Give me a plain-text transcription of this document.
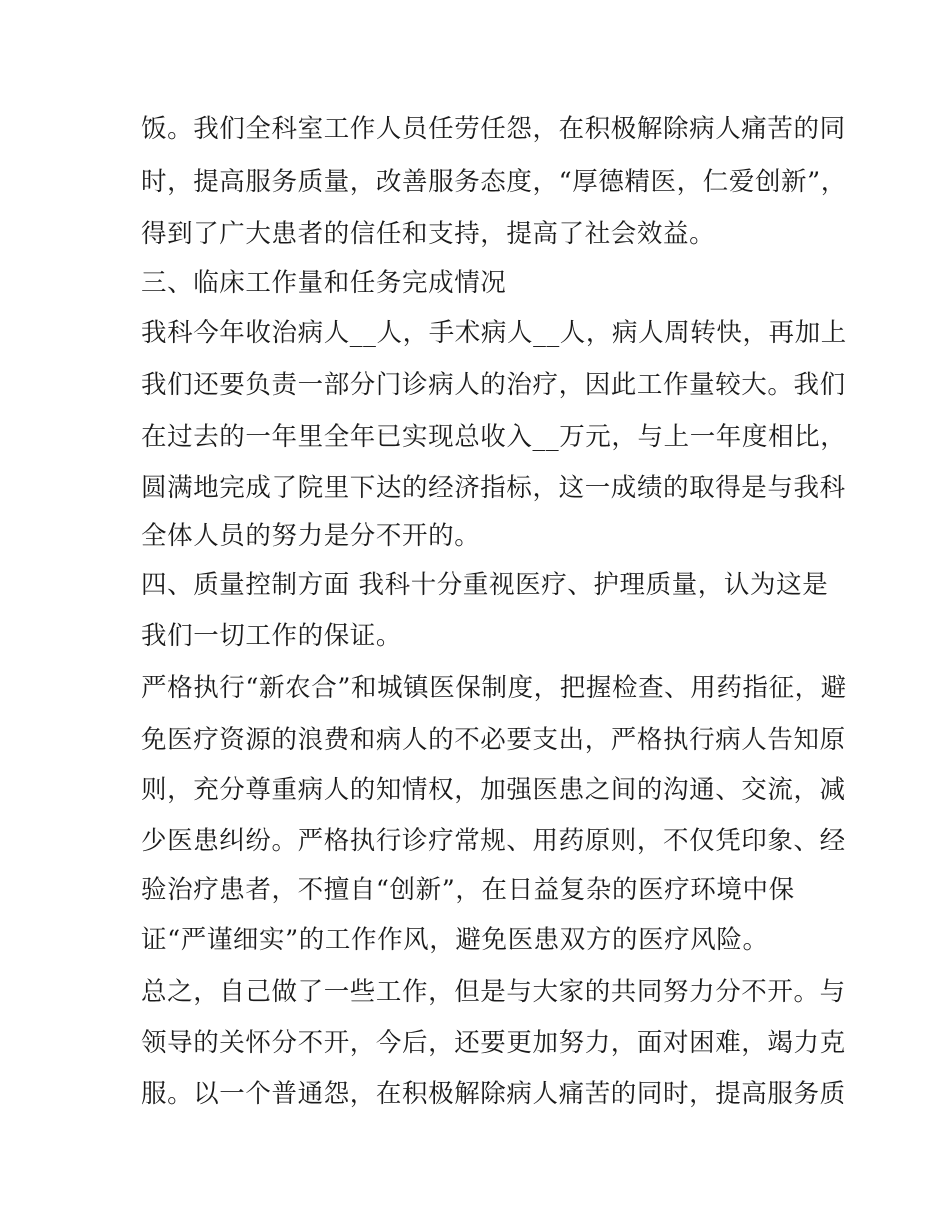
饭。我们全科室工作人员任劳任怨，在积极解除病人痛苦的同
时，提高服务质量，改善服务态度，“厚德精医，仁爱创新”，
得到了广大患者的信任和支持，提高了社会效益。
三、临床工作量和任务完成情况
我科今年收治病人__人，手术病人__人，病人周转快，再加上
我们还要负责一部分门诊病人的治疗，因此工作量较大。我们
在过去的一年里全年已实现总收入__万元，与上一年度相比，
圆满地完成了院里下达的经济指标，这一成绩的取得是与我科
全体人员的努力是分不开的。
四、质量控制方面 我科十分重视医疗、护理质量，认为这是
我们一切工作的保证。
严格执行“新农合”和城镇医保制度，把握检查、用药指征，避
免医疗资源的浪费和病人的不必要支出，严格执行病人告知原
则，充分尊重病人的知情权，加强医患之间的沟通、交流，减
少医患纠纷。严格执行诊疗常规、用药原则，不仅凭印象、经
验治疗患者，不擅自“创新”，在日益复杂的医疗环境中保
证“严谨细实”的工作作风，避免医患双方的医疗风险。
总之，自己做了一些工作，但是与大家的共同努力分不开。与
领导的关怀分不开，今后，还要更加努力，面对困难，竭力克
服。以一个普通怨，在积极解除病人痛苦的同时，提高服务质
